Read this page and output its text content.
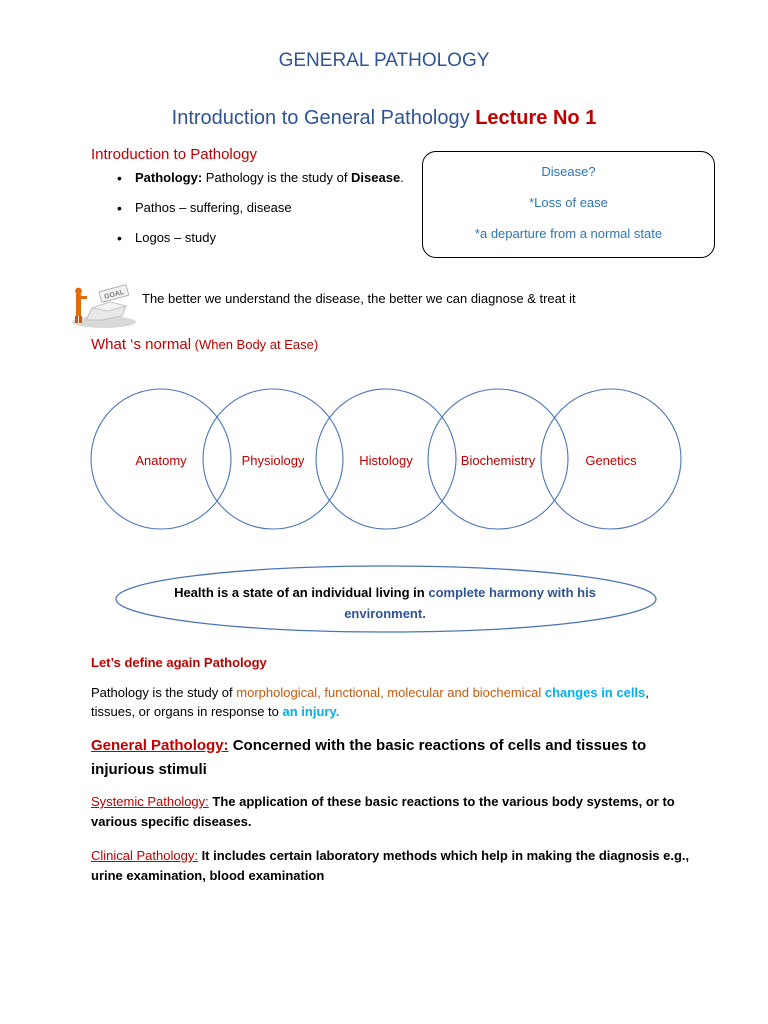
GENERAL PATHOLOGY
Introduction to General Pathology Lecture No 1
Introduction to Pathology
• Pathology: Pathology is the study of Disease.
• Pathos – suffering, disease
• Logos – study
Disease?
*Loss of ease
*a departure from a normal state
GOAL The better we understand the disease, the better we can diagnose & treat it
What ‘s normal (When Body at Ease)
Anatomy	Physiology	Histology	Biochemistry	Genetics
Health is a state of an individual living in complete harmony with his
environment.
Let’s define again Pathology
Pathology is the study of morphological, functional, molecular and biochemical changes in cells,
tissues, or organs in response to an injury.
General Pathology: Concerned with the basic reactions of cells and tissues to injurious stimuli
Systemic Pathology: The application of these basic reactions to the various body systems, or to various specific diseases.
Clinical Pathology: It includes certain laboratory methods which help in making the diagnosis e.g., urine examination, blood examination
